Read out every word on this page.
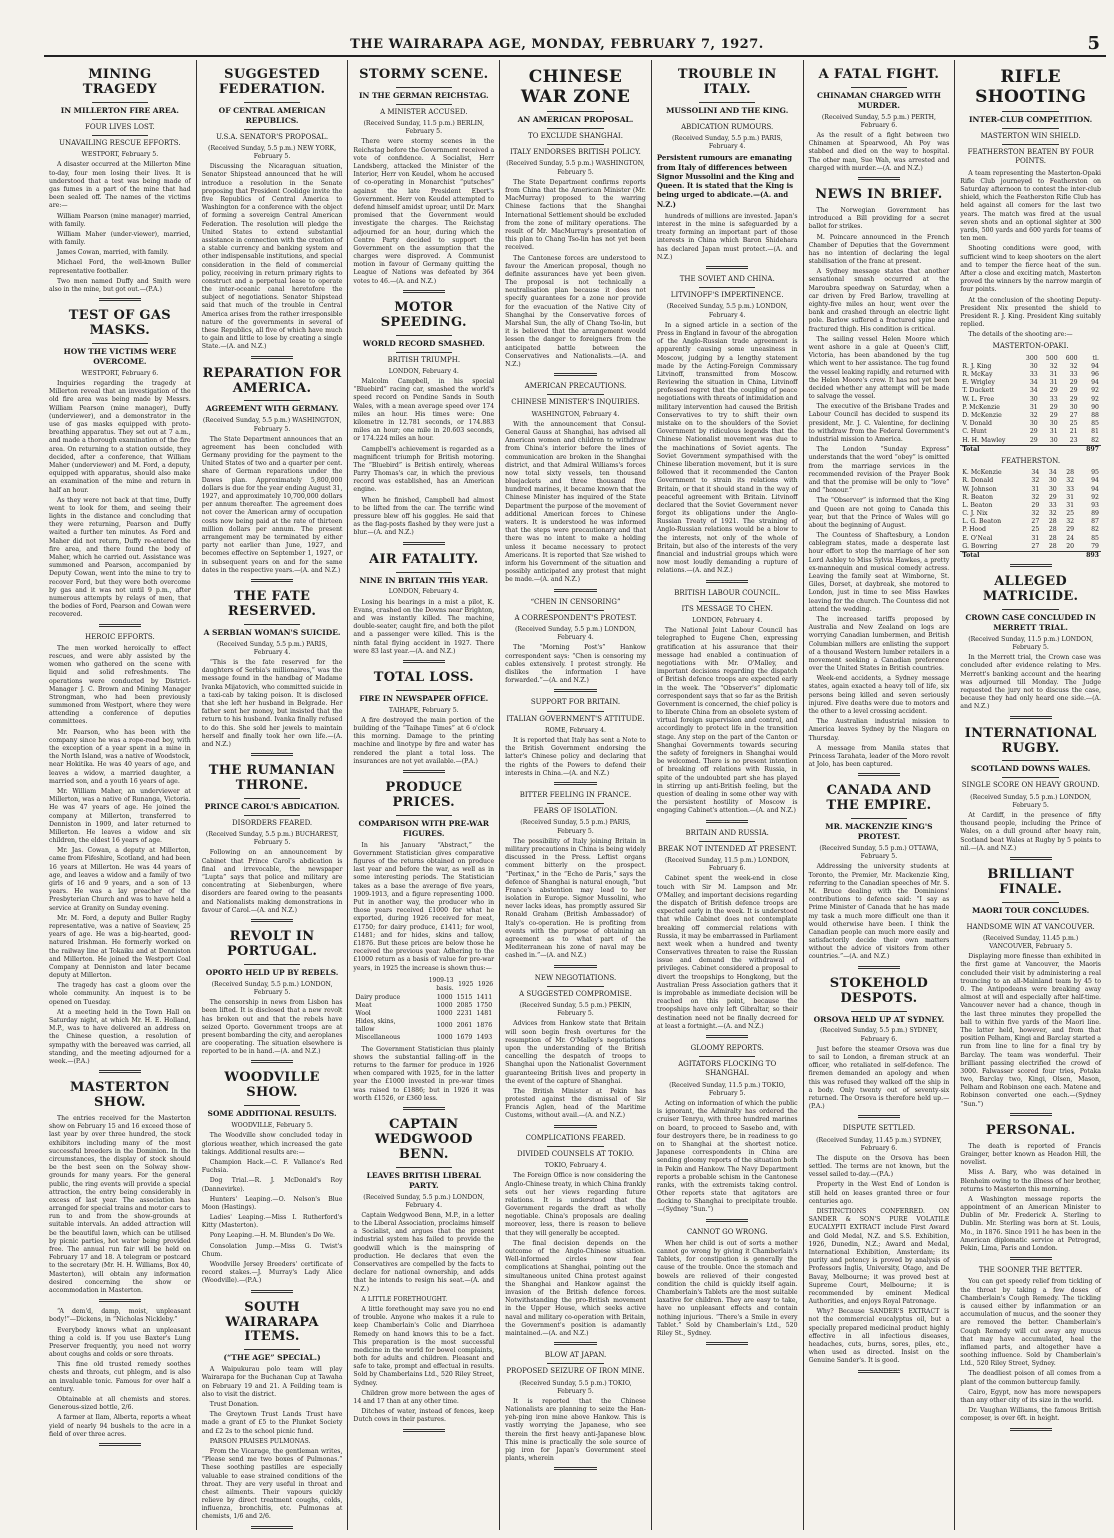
THE WAIRARAPA AGE, MONDAY, FEBRUARY 7, 1927.	5
MINING TRAGEDY
IN MILLERTON FIRE AREA.
FOUR LIVES LOST.
UNAVAILING RESCUE EFFORTS.
WESTPORT, February 5.

A disaster occurred at the Millerton Mine to-day, four men losing their lives. It is understood that a test was being made of gas fumes in a part of the mine that had been sealed off. The names of the victims are:—

William Pearson (mine manager) married, with family.

William Maher (under-viewer), married, with family.

James Cowan, married, with family.

Michael Ford, the well-known Buller representative footballer.

Two men named Duffy and Smith were also in the mine, but got out.—(P.A.)

TEST OF GAS MASKS.
HOW THE VICTIMS WERE OVERCOME.
WESTPORT, February 6.

Inquiries regarding the tragedy at Millerton reveal that an investigation of the old fire area was being made by Messrs. William Pearson (mine manager), Duffy (underviewer), and a demonstrator in the use of gas masks equipped with proto-breathing apparatus. They set out at 7 a.m., and made a thorough examination of the fire area. On returning to a station outside, they decided, after a conference, that William Maher (underviewer) and M. Ford, a deputy, equipped with apparatus, should also make an examination of the mine and return in half an hour.

As they were not back at that time, Duffy went to look for them, and seeing their lights in the distance and concluding that they were returning, Pearson and Duffy waited a further ten minutes. As Ford and Maher did not return, Duffy re-entered the fire area, and there found the body of Maher, which he carried out. Assistance was summoned and Pearson, accompanied by Deputy Cowan, went into the mine to try to recover Ford, but they were both overcome by gas and it was not until 9 p.m., after numerous attempts by relays of men, that the bodies of Ford, Pearson and Cowan were recovered.

HEROIC EFFORTS.

The men worked heroically to effect rescues, and were ably assisted by the women who gathered on the scene with liquid and solid refreshments. The operations were conducted by District-Manager J. C. Brown and Mining Manager Strongman, who had been previously summoned from Westport, where they were attending a conference of deputies committees.

Mr. Pearson, who has been with the company since he was a rope-road boy, with the exception of a year spent in a mine in the North Island, was a native of Woodstock, near Hokitika. He was 40 years of age, and leaves a widow, a married daughter, a married son, and a youth 16 years of age.

Mr. William Maher, an underviewer at Millerton, was a native of Runanga, Victoria. He was 47 years of age. He joined the company at Millerton, transferred to Denniston in 1909, and later returned to Millerton. He leaves a widow and six children, the eldest 16 years of age.

Mr. Jas. Cowan, a deputy at Millerton, came from Fifeshire, Scotland, and had been 16 years at Millerton. He was 44 years of age, and leaves a widow and a family of two girls of 16 and 9 years, and a son of 13 years. He was a lay preacher of the Presbyterian Church and was to have held a service at Granity on Sunday evening.

Mr. M. Ford, a deputy and Buller Rugby representative, was a native of Seaview, 25 years of age. He was a big-hearted, good-natured Irishman. He formerly worked on the railway line at Tokaiku and at Denniston and Millerton. He joined the Westport Coal Company at Denniston and later became deputy at Millerton.

The tragedy has cast a gloom over the whole community. An inquest is to be opened on Tuesday.

At a meeting held in the Town Hall on Saturday night, at which Mr. H. E. Holland, M.P., was to have delivered an address on the Chinese question, a resolution of sympathy with the bereaved was carried, all standing, and the meeting adjourned for a week.—(P.A.)

MASTERTON SHOW.

The entries received for the Masterton show on February 15 and 16 exceed those of last year by over three hundred, the stock exhibitors including many of the most successful breeders in the Dominion. In the circumstances, the display of stock should be the best seen on the Solway show-grounds for many years. For the general public, the ring events will provide a special attraction, the entry being considerably in excess of last year. The association has arranged for special trains and motor cars to run to and from the show-grounds at suitable intervals. An added attraction will be the beautiful lawn, which can be utilised by picnic parties, hot water being provided free. The annual run fair will be held on February 17 and 18. A telegram or postcard to the secretary (Mr. H. H. Williams, Box 40, Masterton), will obtain any information desired concerning the show or accommodation in Masterton.

“A dem'd, damp, moist, unpleasant body!”—Dickens, in “Nicholas Nickleby.”

Everybody knows what an unpleasant thing a cold is. If you use Baxter's Lung Preserver frequently, you need not worry about coughs and colds or sore throats.

This fine old trusted remedy soothes chests and throats, cut phlegm, and is also an invaluable tonic. Famous for over half a century.

Obtainable at all chemists and stores. Generous-sized bottle, 2/6.

A farmer at Ilam, Alberta, reports a wheat yield of nearly 94 bushels to the acre in a field of over three acres.

SUGGESTED FEDERATION.
OF CENTRAL AMERICAN REPUBLICS.
U.S.A. SENATOR'S PROPOSAL.
(Received Sunday, 5.5 p.m.) NEW YORK, February 5.

Discussing the Nicaraguan situation, Senator Shipstead announced that he will introduce a resolution in the Senate proposing that President Coolidge invite the five Republics of Central America to Washington for a conference with the object of forming a sovereign Central American Federation. The resolution will pledge the United States to extend substantial assistance in connection with the creation of a stable currency and banking system and other indispensable institutions, and special consideration in the field of commercial policy, receiving in return primary rights to construct and a perpetual lease to operate the inter-oceanic canal heretofore the subject of negotiations. Senator Shipstead said that much of the trouble in Central America arises from the rather irresponsible nature of the governments in several of these Republics, all five of which have much to gain and little to lose by creating a single State.—(A. and N.Z.)

REPARATION FOR AMERICA.
AGREEMENT WITH GERMANY.
(Received Sunday, 5.5 p.m.) WASHINGTON, February 5.

The State Department announces that an agreement has been concluded with Germany providing for the payment to the United States of two and a quarter per cent. share of German reparations under the Dawes plan. Approximately 5,800,000 dollars is due for the year ending August 31, 1927, and approximately 10,700,000 dollars per annum thereafter. The agreement does not cover the American army of occupation costs now being paid at the rate of thirteen million dollars per annum. The present arrangement may be terminated by either party not earlier than June, 1927, and becomes effective on September 1, 1927, or in subsequent years on and for the same dates in the respective years.—(A. and N.Z.)

THE FATE RESERVED.
A SERBIAN WOMAN'S SUICIDE.
(Received Sunday, 5.5 p.m.) PARIS, February 4.

“This is the fate reserved for the daughters of Serbia's millionaires,” was the message found in the handbag of Madame Ivanka Mijatovich, who committed suicide in a taxi-cab by taking poison. It is disclosed that she left her husband in Belgrade. Her father sent her money, but insisted that the return to his husband. Ivanka finally refused to do this. She sold her jewels to maintain herself and finally took her own life.—(A. and N.Z.)

THE RUMANIAN THRONE.
PRINCE CAROL'S ABDICATION.
DISORDERS FEARED.
(Received Sunday, 5.5 p.m.) BUCHAREST, February 5.

Following on an announcement by Cabinet that Prince Carol's abdication is final and irrevocable, the newspaper “Lupta” says that police and military are concentrating at Siebenburgen, where disorders are feared owing to the peasants and Nationalists making demonstrations in favour of Carol.—(A. and N.Z.)

REVOLT IN PORTUGAL.
OPORTO HELD UP BY REBELS.
(Received Sunday, 5.5 p.m.) LONDON, February 5.

The censorship in news from Lisbon has been lifted. It is disclosed that a new revolt has broken out and that the rebels have seized Oporto. Government troops are at present bombarding the city, and aeroplanes are cooperating. The situation elsewhere is reported to be in hand.—(A. and N.Z.)

WOODVILLE SHOW.
SOME ADDITIONAL RESULTS.
WOODVILLE, February 5.

The Woodville show concluded today in glorious weather, which increased the gate takings. Additional results are:—

Champion Hack.—C. F. Vallance's Red Fuchsia.

Dog Trial.—R. J. McDonald's Roy (Dannevirke).

Hunters' Leaping.—O. Nelson's Blue Moon (Hastings).

Ladies' Leaping.—Miss I. Rutherford's Kitty (Masterton).

Pony Leaping.—H. M. Blunden's Do We.

Consolation Jump.—Miss G. Twist's Chum.

Woodville Jersey Breeders' certificate of record stakes.—J. Murray's Lady Alice (Woodville).—(P.A.)

SOUTH WAIRARAPA ITEMS.
(“THE AGE” SPECIAL.)

A Waipukurau polo team will play Wairarapa for the Buchanan Cup at Tawaha on February 19 and 21. A Feilding team is also to visit the district.

Trust Donation.

The Greytown Trust Lands Trust have made a grant of £5 to the Plunket Society and £2 2s to the school picnic fund.

PARSON PRAISES PULMONAS.

From the Vicarage, the gentleman writes, “Please send me two boxes of Pulmonas.” These soothing pastilles are especially valuable to ease strained conditions of the throat. They are very useful in throat and chest ailments. Their vapours quickly relieve by direct treatment coughs, colds, influenza, bronchitis, etc. Pulmonas at chemists, 1/6 and 2/6.

STORMY SCENE.
IN THE GERMAN REICHSTAG.
A MINISTER ACCUSED.
(Received Sunday, 11.5 p.m.) BERLIN, February 5.

There were stormy scenes in the Reichstag before the Government received a vote of confidence. A Socialist, Herr Landsberg, attacked the Minister of the Interior, Herr von Keudel, whom he accused of co-operating in Monarchist “putsches” against the late President Ebert's Government. Herr von Keudel attempted to defend himself amidst uproar, until Dr. Marx promised that the Government would investigate the charges. The Reichstag adjourned for an hour, during which the Centre Party decided to support the Government on the assumption that the charges were disproved. A Communist motion in favour of Germany quitting the League of Nations was defeated by 364 votes to 46.—(A. and N.Z.)

MOTOR SPEEDING.
WORLD RECORD SMASHED.
BRITISH TRIUMPH.
LONDON, February 4.

Malcolm Campbell, in his special “Bluebird” racing car, smashed the world's speed record on Pendine Sands in South Wales, with a mean average speed over 174 miles an hour. His times were: One kilometre in 12.781 seconds, or 174.883 miles an hour; one mile in 20.603 seconds, or 174.224 miles an hour.

Campbell's achievement is regarded as a magnificent triumph for British motoring. The “Bluebird” is British entirely, whereas Parry Thomas's car, in which the previous record was established, has an American engine.

When he finished, Campbell had almost to be lifted from the car. The terrific wind pressure blew off his goggles. He said that as the flag-posts flashed by they were just a blur.—(A. and N.Z.)

AIR FATALITY.
NINE IN BRITAIN THIS YEAR.
LONDON, February 4.

Losing his bearings in a mist a pilot, K. Evans, crashed on the Downs near Brighton, and was instantly killed. The machine, double-seater, caught fire, and both the pilot and a passenger were killed. This is the ninth fatal flying accident in 1927. There were 83 last year.—(A. and N.Z.)

TOTAL LOSS.
FIRE IN NEWSPAPER OFFICE.
TAIHAPE, February 5.

A fire destroyed the main portion of the building of the “Taihape Times” at 6 o'clock this morning. Damage to the printing machine and linotype by fire and water has rendered the plant a total loss. The insurances are not yet available.—(P.A.)

PRODUCE PRICES.
COMPARISON WITH PRE-WAR FIGURES.

In his January “Abstract,” the Government Statistician gives comparative figures of the returns obtained on produce last year and before the war, as well as in some interesting periods. The Statistician takes as a base the average of five years, 1909-1913, and a figure representing 1000. Put in another way, the producer who in those years received £1000 for what he exported, during 1926 received for meat, £1750; for dairy produce, £1411; for wool, £1481; and for hides, skins and tallow, £1876. But these prices are below those he received the previous year. Adhering to the £1000 return as a basis of value for pre-war years, in 1925 the increase is shown thus:—

	1909-13 basis.	1925	1926
Dairy produce	1000	1515	1411
Meat	1000	2085	1750
Wool	1000	2231	1481
Hides, skins, tallow	1000	2061	1876
Miscellaneous	1000	1679	1493

The Government Statistician thus plainly shows the substantial falling-off in the returns to the farmer for produce in 1926 when compared with 1925, for in the latter year the £1000 invested in pre-war times was raised to £1886; but in 1926 it was worth £1526, or £360 less.

CAPTAIN WEDGWOOD BENN.
LEAVES BRITISH LIBERAL PARTY.
(Received Sunday, 5.5 p.m.) LONDON, February 4.

Captain Wedgwood Benn, M.P., in a letter to the Liberal Association, proclaims himself a Socialist, and argues that the present industrial system has failed to provide the goodwill which is the mainspring of production. He declares that even the Conservatives are compelled by the facts to declare for national ownership, and adds that he intends to resign his seat.—(A. and N.Z.)

A LITTLE FORETHOUGHT.

A little forethought may save you no end of trouble. Anyone who makes it a rule to keep Chamberlain's Colic and Diarrhoea Remedy on hand knows this to be a fact. This preparation is the most successful medicine in the world for bowel complaints, both for adults and children. Pleasant and safe to take, prompt and effectual in results. Sold by Chamberlains Ltd., 520 Riley Street, Sydney.

Children grow more between the ages of 14 and 17 than at any other time.

Ditches of water, instead of fences, keep Dutch cows in their pastures.

CHINESE WAR ZONE
AN AMERICAN PROPOSAL.
TO EXCLUDE SHANGHAI.
ITALY ENDORSES BRITISH POLICY.
(Received Sunday, 5.5 p.m.) WASHINGTON, February 5.

The State Department confirms reports from China that the American Minister (Mr. MacMurray) proposed to the warring Chinese factions that the Shanghai International Settlement should be excluded from the zone of military operations. The result of Mr. MacMurray's presentation of this plan to Chang Tso-lin has not yet been received.

The Cantonese forces are understood to favour the American proposal, though no definite assurances have yet been given. The proposal is not technically a neutralisation plan because it does not specify guarantees for a zone nor provide for the evacuation of the Native City of Shanghai by the Conservative forces of Marshal Sun, the ally of Chang Tso-lin, but it is believed that the arrangement would lessen the danger to foreigners from the anticipated battle between the Conservatives and Nationalists.—(A. and N.Z.)

AMERICAN PRECAUTIONS.
CHINESE MINISTER'S INQUIRIES.
WASHINGTON, February 4.

With the announcement that Consul-General Gauss at Shanghai, has advised all American women and children to withdraw from China's interior before the lines of communication are broken in the Shanghai district, and that Admiral Williams's forces now total sixty vessels, ten thousand bluejackets and three thousand five hundred marines, it became known that the Chinese Minister has inquired of the State Department the purpose of the movement of additional American forces to Chinese waters. It is understood he was informed that the steps were precautionary and that there was no intent to make a holding unless it became necessary to protect Americans. It is reported that Sze wished to inform his Government of the situation and possibly anticipated any protest that might be made.—(A. and N.Z.)

“CHEN IN CENSORING”
A CORRESPONDENT'S PROTEST.
(Received Sunday, 5.5 p.m.) LONDON, February 4.

The “Morning Post's” Hankow correspondent says: “Chen is censoring my cables extensively. I protest strongly. He dislikes the information I have forwarded.”—(A. and N.Z.)

SUPPORT FOR BRITAIN.
ITALIAN GOVERNMENT'S ATTITUDE.
ROME, February 4.

It is reported that Italy has sent a Note to the British Government endorsing the latter's Chinese policy and declaring that the rights of the Powers to defend their interests in China.—(A. and N.Z.)

BITTER FEELING IN FRANCE.
FEARS OF ISOLATION.
(Received Sunday, 5.5 p.m.) PARIS, February 5.

The possibility of Italy joining Britain in military precautions in China is being widely discussed in the Press. Leftist organs comment bitterly on the prospect. “Pertinax,” in the “Echo de Paris,” says the defence of Shanghai is natural enough, “but France's abstention may lead to her isolation in Europe. Signor Mussolini, who never lacks ideas, has promptly assured Sir Ronald Graham (British Ambassador) of Italy's co-operation. He is profiting from events with the purpose of obtaining an agreement as to what part of the Mediterranean his zone of naval may be cashed in.”—(A. and N.Z.)

NEW NEGOTIATIONS.
A SUGGESTED COMPROMISE.
(Received Sunday, 5.5 p.m.) PEKIN, February 5.

Advices from Hankow state that Britain will soon begin fresh overtures for the resumption of Mr. O'Malley's negotiations upon the understanding of the British cancelling the despatch of troops to Shanghai upon the Nationalist Government guaranteeing British lives and property in the event of the capture of Shanghai.

The British Minister at Pekin has protested against the dismissal of Sir Francis Aglen, head of the Maritime Customs, without avail.—(A. and N.Z.)

COMPLICATIONS FEARED.
DIVIDED COUNSELS AT TOKIO.
TOKIO, February 4.

The Foreign Office is now considering the Anglo-Chinese treaty, in which China frankly sets out her views regarding future relations. It is understood that the Government regards the draft as wholly negotiable. China's proposals are dealing moreover, less, there is reason to believe that they will generally be accepted.

The final decision depends on the outcome of the Anglo-Chinese situation. Well-informed circles now fear complications at Shanghai, pointing out the simultaneous united China protest against the Shanghai and Hankow against the invasion of the British defence forces. Notwithstanding the pro-British movement in the Upper House, which seeks active naval and military co-operation with Britain, the Government's position is adamantly maintained.—(A. and N.Z.)

BLOW AT JAPAN.
PROPOSED SEIZURE OF IRON MINE.
(Received Sunday, 5.5 p.m.) TOKIO, February 5.

It is reported that the Chinese Nationalists are planning to seize the Han-yeh-ping iron mine above Hankow. This is vastly worrying the Japanese, who see therein the first heavy anti-Japanese blow. This mine is practically the sole source of pig iron for Japan's Government steel plants, wherein

TROUBLE IN ITALY.
MUSSOLINI AND THE KING.
ABDICATION RUMOURS.
(Received Sunday, 5.5 p.m.) PARIS, February 4.

Persistent rumours are emanating from Italy of differences between Signor Mussolini and the King and Queen. It is stated that the King is being urged to abdicate.—(A. and N.Z.)

hundreds of millions are invested. Japan's interest in the mine is safeguarded by a treaty forming an important part of those interests in China which Baron Shidehara has declared Japan must protect.—(A. and N.Z.)

THE SOVIET AND CHINA.
LITVINOFF'S IMPERTINENCE.
(Received Sunday, 5.5 p.m.) LONDON, February 4.

In a signed article in a section of the Press in England in favour of the abrogation of the Anglo-Russian trade agreement is apparently causing some uneasiness in Moscow, judging by a lengthy statement made by the Acting-Foreign Commissary Litvinoff, transmitted from Moscow. Reviewing the situation in China, Litvinoff professed regret that the coupling of peace negotiations with threats of intimidation and military intervention had caused the British Conservatives to try to shift their own mistake on to the shoulders of the Soviet Government by ridiculous legends that the Chinese Nationalist movement was due to the machinations of Soviet agents. The Soviet Government sympathised with the Chinese liberation movement, but it is sure followed that it recommended the Canton Government to strain its relations with Britain, or that it should stand in the way of peaceful agreement with Britain. Litvinoff declared that the Soviet Government never forgot its obligations under the Anglo-Russian Treaty of 1921. The straining of Anglo-Russian relations would be a blow to the interests, not only of the whole of Britain, but also of the interests of the very financial and industrial groups which were now most loudly demanding a rupture of relations.—(A. and N.Z.)

BRITISH LABOUR COUNCIL.
ITS MESSAGE TO CHEN.
LONDON, February 4.

The National Joint Labour Council has telegraphed to Eugene Chen, expressing gratification at his assurance that their message had enabled a continuation of negotiations with Mr. O'Malley, and important decisions regarding the dispatch of British defence troops are expected early in the week. The “Observer's” diplomatic correspondent says that so far as the British Government is concerned, the chief policy is to liberate China from an obsolete system of virtual foreign supervision and control, and accordingly to protect life in the transition stage. Any step on the part of the Canton or Shanghai Governments towards securing the safety of foreigners in Shanghai would be welcomed. There is no present intention of breaking off relations with Russia, in spite of the undoubted part she has played in stirring up anti-British feeling, but the question of dealing in some other way with the persistent hostility of Moscow is engaging Cabinet's attention.—(A. and N.Z.)

BRITAIN AND RUSSIA.
BREAK NOT INTENDED AT PRESENT.
(Received Sunday, 11.5 p.m.) LONDON, February 6.

Cabinet spent the week-end in close touch with Sir M. Lampson and Mr. O'Malley, and important decisions regarding the dispatch of British defence troops are expected early in the week. It is understood that while Cabinet does not contemplate breaking off commercial relations with Russia, it may be embarrassed in Parliament next week when a hundred and twenty Conservatives threaten to raise the Russian issue and demand the withdrawal of privileges. Cabinet considered a proposal to divert the troopships to Hongkong, but the Australian Press Association gathers that it is improbable as immediate decision will be reached on this point, because the troopships have only left Gibraltar, so their destination need not be finally decreed for at least a fortnight.—(A. and N.Z.)

GLOOMY REPORTS.
AGITATORS FLOCKING TO SHANGHAI.
(Received Sunday, 11.5 p.m.) TOKIO, February 5.

Acting on information of which the public is ignorant, the Admiralty has ordered the cruiser Tenryu, with three hundred marines on board, to proceed to Sasebo and, with four destroyers there, be in readiness to go on to Shanghai at the shortest notice. Japanese correspondents in China are sending gloomy reports of the situation both in Pekin and Hankow. The Navy Department reports a probable schism in the Cantonese ranks, with the extremists taking control. Other reports state that agitators are flocking to Shanghai to precipitate trouble.—(Sydney “Sun.”)

CANNOT GO WRONG.

When her child is out of sorts a mother cannot go wrong by giving it Chamberlain's Tablets, for constipation is generally the cause of the trouble. Once the stomach and bowels are relieved of their congested condition the child is quickly itself again. Chamberlain's Tablets are the most suitable laxative for children. They are easy to take, have no unpleasant effects and contain nothing injurious. “There's a Smile in every Tablet.” Sold by Chamberlain's Ltd., 520 Riley St., Sydney.

A FATAL FIGHT.
CHINAMAN CHARGED WITH MURDER.
(Received Sunday, 5.5 p.m.) PERTH, February 6.

As the result of a fight between two Chinamen at Spearwood, Ah Poy was stabbed and died on the way to hospital. The other man, Sue Wah, was arrested and charged with murder.—(A. and N.Z.)

NEWS IN BRIEF.

The Norwegian Government has introduced a Bill providing for a secret ballot for strikes.

M. Poincare announced in the French Chamber of Deputies that the Government has no intention of declaring the legal stabilisation of the franc at present.

A Sydney message states that another sensational smash occurred at the Maroubra speedway on Saturday, when a car driven by Fred Barlow, travelling at eighty-five miles an hour, went over the bank and crashed through an electric light pole. Barlow suffered a fractured spine and fractured thigh. His condition is critical.

The sailing vessel Helen Moore which went ashore in a gale at Queen's Cliff, Victoria, has been abandoned by the tug which went to her assistance. The tug found the vessel leaking rapidly, and returned with the Helen Moore's crew. It has not yet been decided whether any attempt will be made to salvage the vessel.

The executive of the Brisbane Trades and Labour Council has decided to suspend its president, Mr. J. C. Valentine, for declining to withdraw from the Federal Government's industrial mission to America.

The London “Sunday Express” understands that the word “obey” is omitted from the marriage services in the recommended revision of the Prayer Book and that the promise will be only to “love” and “honour.”

The “Observer” is informed that the King and Queen are not going to Canada this year, but that the Prince of Wales will go about the beginning of August.

The Countess of Shaftesbury, a London cablegram states, made a desperate last hour effort to stop the marriage of her son Lord Ashley to Miss Sylvia Hawkes, a pretty ex-mannequin and musical comedy actress. Leaving the family seat at Wimborne, St. Giles, Dorset, at daybreak, she motored to London, just in time to see Miss Hawkes leaving for the church. The Countess did not attend the wedding.

The increased tariffs proposed by Australia and New Zealand on logs are worrying Canadian lumbermen, and British Columbian millers are enlisting the support of a thousand Western lumber retailers in a movement seeking a Canadian preference over the United States in British countries.

Week-end accidents, a Sydney message states, again exacted a heavy toll of life, six persons being killed and seven seriously injured. Five deaths were due to motors and the other to a level crossing accident.

The Australian industrial mission to America leaves Sydney by the Niagara on Thursday.

A message from Manila states that Princess Tarahata, leader of the Moro revolt at Jolo, has been captured.

CANADA AND THE EMPIRE.
MR. MACKENZIE KING'S PROTEST.
(Received Sunday, 5.5 p.m.) OTTAWA, February 5.

Addressing the university students at Toronto, the Premier, Mr. Mackenzie King, referring to the Canadian speeches of Mr. S. M. Bruce dealing with the Dominions' contributions to defence said: “I say as Prime Minister of Canada that he has made my task a much more difficult one than it would otherwise have been. I think the Canadian people can much more easily and satisfactorily decide their own matters without the advice of visitors from other countries.”—(A. and N.Z.)

STOKEHOLD DESPOTS.
ORSOVA HELD UP AT SYDNEY.
(Received Sunday, 5.5 p.m.) SYDNEY, February 6.

Just before the steamer Orsova was due to sail to London, a fireman struck at an officer, who retaliated in self-defence. The firemen demanded an apology and when this was refused they walked off the ship in a body. Only twenty out of seventy-six returned. The Orsova is therefore held up.—(P.A.)

DISPUTE SETTLED.
(Received Sunday, 11.45 p.m.) SYDNEY, February 6.

The dispute on the Orsova has been settled. The terms are not known, but the vessel sailed to-day.—(P.A.)

Property in the West End of London is still held on leases granted three or four centuries ago.

DISTINCTIONS CONFERRED. ON SANDER & SON'S PURE VOLATILE EUCALYPTI EXTRACT include First Award and Gold Medal, N.Z. and S.S. Exhibition, 1926, Dunedin, N.Z.; Award and Medal, International Exhibition, Amsterdam; its purity and potency is proved by analysis of Professors Inglis, University, Otago, and De Bavay, Melbourne; it was proved best at Supreme Court, Melbourne; it is recommended by eminent Medical Authorities, and enjoys Royal Patronage.

Why? Because SANDER'S EXTRACT is not the commercial eucalyptus oil, but a specially prepared medicinal product highly effective in all infectious diseases, headaches, cuts, burns, sores, piles, etc., when used as directed. Insist on the Genuine Sander's. It is good.

RIFLE SHOOTING
INTER-CLUB COMPETITION.
MASTERTON WIN SHIELD.
FEATHERSTON BEATEN BY FOUR POINTS.

A team representing the Masterton-Opaki Rifle Club journeyed to Featherston on Saturday afternoon to contest the inter-club shield, which the Featherston Rifle Club has held against all comers for the last two years. The match was fired at the usual seven shots and an optional sighter at 300 yards, 500 yards and 600 yards for teams of ten men.

Shooting conditions were good, with sufficient wind to keep shooters on the alert and to temper the fierce heat of the sun. After a close and exciting match, Masterton proved the winners by the narrow margin of four points.

At the conclusion of the shooting Deputy-President Nix presented the shield to President R. J. King. President King suitably replied.

The details of the shooting are:—

MASTERTON-OPAKI.
	300	500	600	tl.
R. J. King	30	32	32	94
R. McKay	33	31	33	96
E. Wrigley	34	31	29	94
T. Duckett	34	29	29	92
W. L. Free	30	33	29	92
P. McKenzie	31	29	30	90
D. McKenzie	32	29	27	88
V. Donald	30	30	25	85
C. Hunt	29	31	21	81
H. H. Mawley	29	30	23	82
Total				897
FEATHERSTON.
K. McKenzie	34	34	28	95
R. Donald	32	30	32	94
W. Johnson	31	30	33	94
R. Beaton	32	29	31	92
L. Beaton	29	33	31	93
C. J. Nix	32	32	25	89
L. G. Beaton	27	28	32	87
P. Hood	25	28	29	82
E. O'Neal	31	28	24	85
G. Bowring	27	28	20	79
Total				893
ALLEGED MATRICIDE.
CROWN CASE CONCLUDED IN MERRETT TRIAL.
(Received Sunday, 11.5 p.m.) LONDON, February 5.

In the Merrett trial, the Crown case was concluded after evidence relating to Mrs. Merrett's banking account and the hearing was adjourned till Monday. The Judge requested the jury not to discuss the case, because they had only heard one side.—(A. and N.Z.)

INTERNATIONAL RUGBY.
SCOTLAND DOWNS WALES.
SINGLE SCORE ON HEAVY GROUND.
(Received Sunday, 5.5 p.m.) LONDON, February 5.

At Cardiff, in the presence of fifty thousand people, including the Prince of Wales, on a dull ground after heavy rain, Scotland beat Wales at Rugby by 5 points to nil.—(A. and N.Z.)

BRILLIANT FINALE.
MAORI TOUR CONCLUDES.
HANDSOME WIN AT VANCOUVER.
(Received Sunday, 11.45 p.m.) VANCOUVER, February 5.

Displaying more finesse than exhibited in the first game at Vancouver, the Maoris concluded their visit by administering a real trouncing to an all-Mainland team by 45 to 0. The Antipodeans were breaking away almost at will and especially after half-time. Vancouver never had a chance, though in the last three minutes they propelled the ball to within five yards of the Maori line. The latter held, however, and from that position Pelham, Kingi and Barclay started a run from line to line for a final try by Barclay. The team was wonderful. Their brilliant passing electrified the crowd of 3000. Falwasser scored four tries, Potaka two, Barclay two, Kingi, Olsen, Mason, Pelham and Robinson one each. Matene and Robinson converted one each.—(Sydney “Sun.”)

PERSONAL.

The death is reported of Francis Grainger, better known as Headon Hill, the novelist.

Miss A. Bary, who was detained in Blenheim owing to the illness of her brother, returns to Masterton this morning.

A Washington message reports the appointment of an American Minister to Dublin of Mr. Frederick A. Sterling to Dublin. Mr. Sterling was born at St. Louis, Mo., in 1876. Since 1911 he has been in the American diplomatic service at Petrograd, Pekin, Lima, Paris and London.

THE SOONER THE BETTER.

You can get speedy relief from tickling of the throat by taking a few doses of Chamberlain's Cough Remedy. The tickling is caused either by inflammation or an accumulation of mucus, and the sooner they are removed the better. Chamberlain's Cough Remedy will cut away any mucus that may have accumulated, heal the inflamed parts, and altogether have a soothing influence. Sold by Chamberlain's Ltd., 520 Riley Street, Sydney.

The deadliest poison of all comes from a plant of the common buttercup family.

Cairo, Egypt, now has more newspapers than any other city of its size in the world.

Dr. Vaughan Williams, the famous British composer, is over 6ft. in height.
